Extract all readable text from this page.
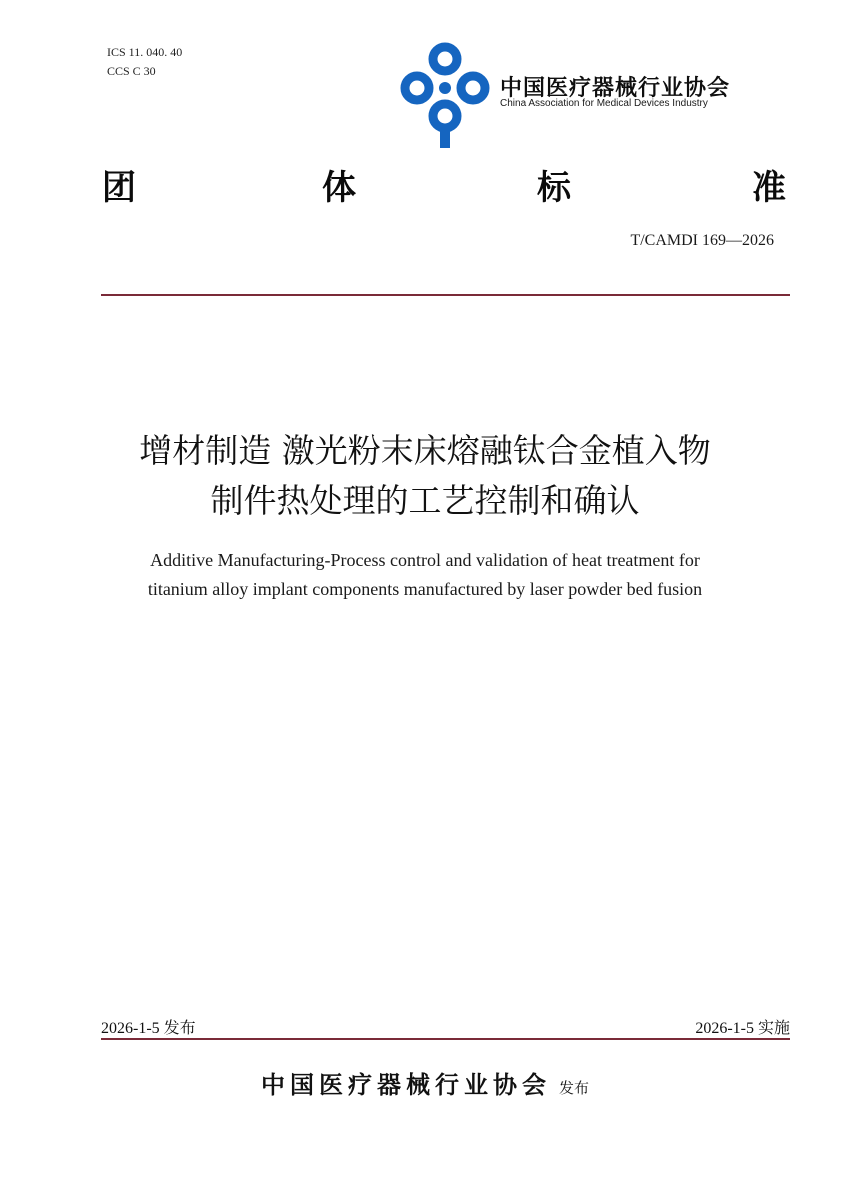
ICS 11. 040. 40
CCS C 30
中国医疗器械行业协会
China Association for Medical Devices Industry
团	体	标	准
T/CAMDI 169—2026
增材制造 激光粉末床熔融钛合金植入物
制件热处理的工艺控制和确认
Additive Manufacturing-Process control and validation of heat treatment for
titanium alloy implant components manufactured by laser powder bed fusion
2026-1-5 发布	2026-1-5 实施
中国医疗器械行业协会 发布
